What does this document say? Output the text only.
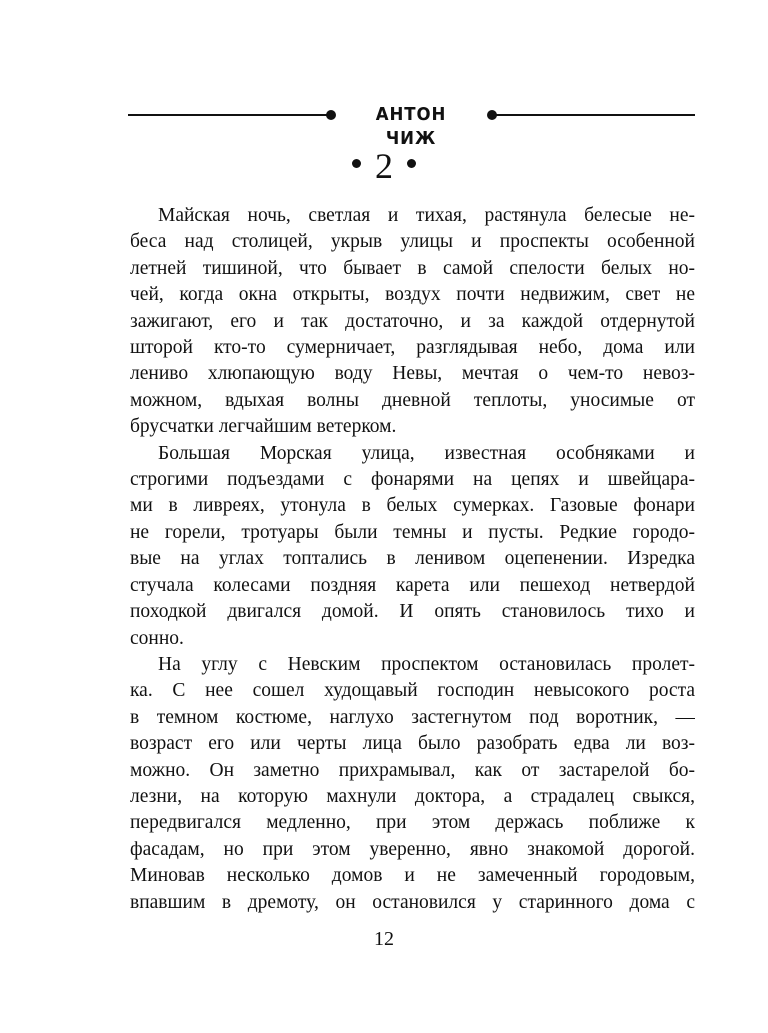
АНТОН ЧИЖ
2
Майская ночь, светлая и тихая, растянула белесые не-
беса над столицей, укрыв улицы и проспекты особенной
летней тишиной, что бывает в самой спелости белых но-
чей, когда окна открыты, воздух почти недвижим, свет не
зажигают, его и так достаточно, и за каждой отдернутой
шторой кто-то сумерничает, разглядывая небо, дома или
лениво хлюпающую воду Невы, мечтая о чем-то невоз-
можном, вдыхая волны дневной теплоты, уносимые от
брусчатки легчайшим ветерком.
Большая Морская улица, известная особняками и
строгими подъездами с фонарями на цепях и швейцара-
ми в ливреях, утонула в белых сумерках. Газовые фонари
не горели, тротуары были темны и пусты. Редкие городо-
вые на углах топтались в ленивом оцепенении. Изредка
стучала колесами поздняя карета или пешеход нетвердой
походкой двигался домой. И опять становилось тихо и
сонно.
На углу с Невским проспектом остановилась пролет-
ка. С нее сошел худощавый господин невысокого роста
в темном костюме, наглухо застегнутом под воротник, —
возраст его или черты лица было разобрать едва ли воз-
можно. Он заметно прихрамывал, как от застарелой бо-
лезни, на которую махнули доктора, а страдалец свыкся,
передвигался медленно, при этом держась поближе к
фасадам, но при этом уверенно, явно знакомой дорогой.
Миновав несколько домов и не замеченный городовым,
впавшим в дремоту, он остановился у старинного дома с
12
